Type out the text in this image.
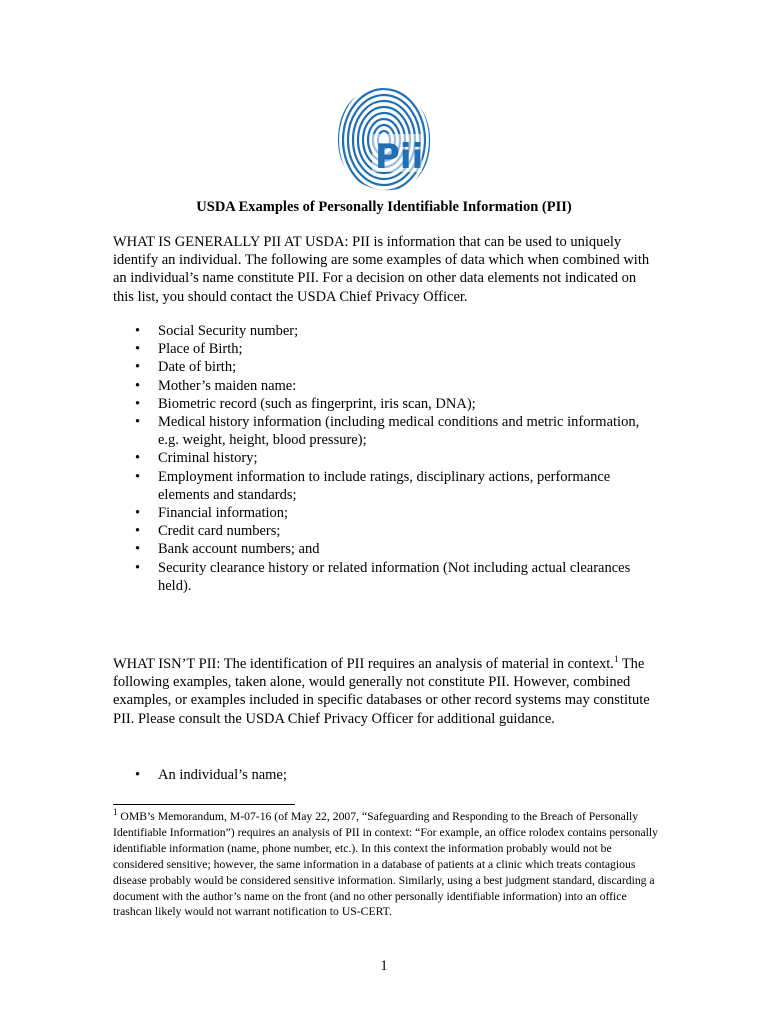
Pii

USDA Examples of Personally Identifiable Information (PII)

WHAT IS GENERALLY PII AT USDA: PII is information that can be used to uniquely identify an individual. The following are some examples of data which when combined with an individual’s name constitute PII. For a decision on other data elements not indicated on this list, you should contact the USDA Chief Privacy Officer.

• Social Security number;
• Place of Birth;
• Date of birth;
• Mother’s maiden name:
• Biometric record (such as fingerprint, iris scan, DNA);
• Medical history information (including medical conditions and metric information, e.g. weight, height, blood pressure);
• Criminal history;
• Employment information to include ratings, disciplinary actions, performance elements and standards;
• Financial information;
• Credit card numbers;
• Bank account numbers; and
• Security clearance history or related information (Not including actual clearances held).

WHAT ISN’T PII: The identification of PII requires an analysis of material in context.$^1$ The following examples, taken alone, would generally not constitute PII. However, combined examples, or examples included in specific databases or other record systems may constitute PII. Please consult the USDA Chief Privacy Officer for additional guidance.

• An individual’s name;

$^1$ OMB’s Memorandum, M-07-16 (of May 22, 2007, “Safeguarding and Responding to the Breach of Personally Identifiable Information”) requires an analysis of PII in context: “For example, an office rolodex contains personally identifiable information (name, phone number, etc.). In this context the information probably would not be considered sensitive; however, the same information in a database of patients at a clinic which treats contagious disease probably would be considered sensitive information. Similarly, using a best judgment standard, discarding a document with the author’s name on the front (and no other personally identifiable information) into an office trashcan likely would not warrant notification to US-CERT.

1
